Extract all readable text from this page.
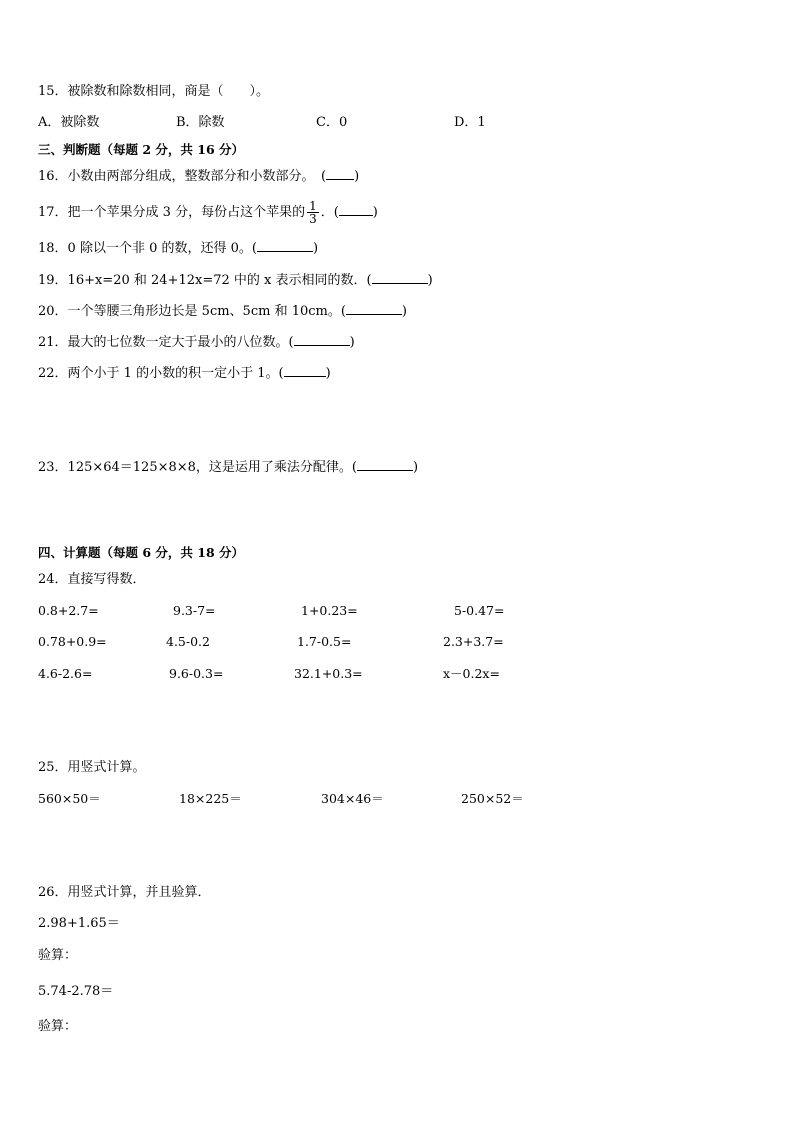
15．被除数和除数相同，商是（　　）。
A．被除数	B．除数	C．0	D．1
三、判断题（每题 2 分，共 16 分）
16．小数由两部分组成，整数部分和小数部分。　( )
17．把一个苹果分成 3 分，每份占这个苹果的 $\frac{1}{3}$ ．(	)
18．0 除以一个非 0 的数，还得 0。(	)
19．16+x=20 和 24+12x=72 中的 x 表示相同的数．(	)
20．一个等腰三角形边长是 5cm、5cm 和 10cm。(	)
21．最大的七位数一定大于最小的八位数。(	)
22．两个小于 1 的小数的积一定小于 1。(	)
23．125×64＝125×8×8，这是运用了乘法分配律。(	)
四、计算题（每题 6 分，共 18 分）
24．直接写得数．
0.8+2.7=	9.3-7=	1+0.23=	5-0.47=
0.78+0.9=	4.5-0.2	1.7-0.5=	2.3+3.7=
4.6-2.6=	9.6-0.3=	32.1+0.3=	x－0.2x=
25．用竖式计算。
560×50＝	18×225＝	304×46＝	250×52＝
26．用竖式计算，并且验算．
2.98+1.65＝
验算：
5.74-2.78＝
验算：
